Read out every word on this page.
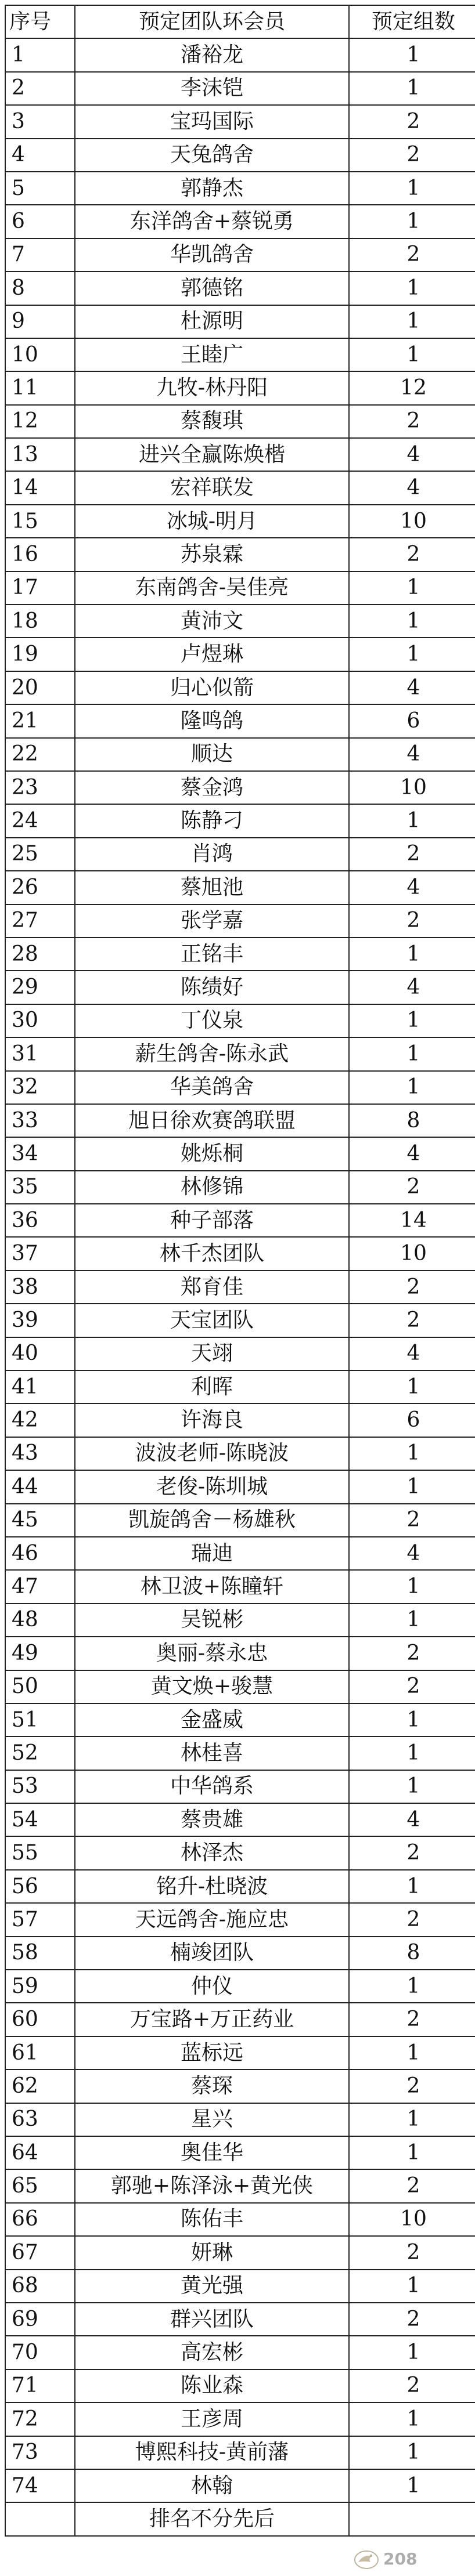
序号	预定团队环会员	预定组数
1	潘裕龙	1
2	李沫铠	1
3	宝玛国际	2
4	天兔鸽舍	2
5	郭静杰	1
6	东洋鸽舍+蔡锐勇	1
7	华凯鸽舍	2
8	郭德铭	1
9	杜源明	1
10	王睦广	1
11	九牧-林丹阳	12
12	蔡馥琪	2
13	进兴全赢陈焕楷	4
14	宏祥联发	4
15	冰城-明月	10
16	苏泉霖	2
17	东南鸽舍-吴佳亮	1
18	黄沛文	1
19	卢煜琳	1
20	归心似箭	4
21	隆鸣鸽	6
22	顺达	4
23	蔡金鸿	10
24	陈静刁	1
25	肖鸿	2
26	蔡旭池	4
27	张学嘉	2
28	正铭丰	1
29	陈绩好	4
30	丁仪泉	1
31	薪生鸽舍-陈永武	1
32	华美鸽舍	1
33	旭日徐欢赛鸽联盟	8
34	姚烁桐	4
35	林修锦	2
36	种子部落	14
37	林千杰团队	10
38	郑育佳	2
39	天宝团队	2
40	天翊	4
41	利晖	1
42	许海良	6
43	波波老师-陈晓波	1
44	老俊-陈圳城	1
45	凯旋鸽舍－杨雄秋	2
46	瑞迪	4
47	林卫波+陈瞳轩	1
48	吴锐彬	1
49	奥丽-蔡永忠	2
50	黄文焕+骏慧	2
51	金盛威	1
52	林桂喜	1
53	中华鸽系	1
54	蔡贵雄	4
55	林泽杰	2
56	铭升-杜晓波	1
57	天远鸽舍-施应忠	2
58	楠竣团队	8
59	仲仪	1
60	万宝路+万正药业	2
61	蓝标远	1
62	蔡琛	2
63	星兴	1
64	奥佳华	1
65	郭驰+陈泽泳+黄光侠	2
66	陈佑丰	10
67	妍琳	2
68	黄光强	1
69	群兴团队	2
70	高宏彬	1
71	陈业森	2
72	王彦周	1
73	博熙科技-黄前藩	1
74	林翰	1
	排名不分先后	
208
